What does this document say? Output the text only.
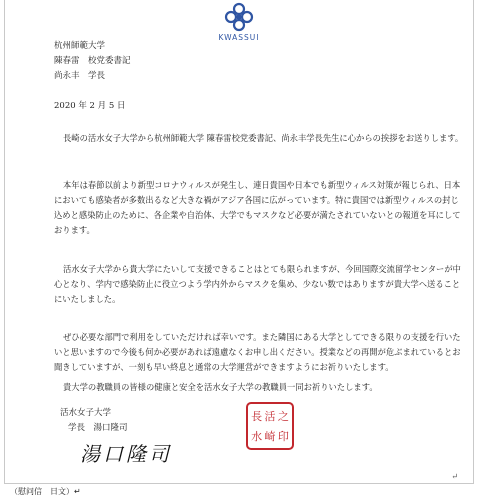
KWASSUI
杭州師範大学
陳春雷　校党委書記
尚永丰　学長
2020 年 2 月 5 日

長崎の活水女子大学から杭州師範大学 陳春雷校党委書記、尚永丰学長先生に心からの挨拶をお送りします。

本年は春節以前より新型コロナウィルスが発生し、連日貴国や日本でも新型ウィルス対策が報じられ、日本においても感染者が多数出るなど大きな禍がアジア各国に広がっています。特に貴国では新型ウィルスの封じ込めと感染防止のために、各企業や自治体、大学でもマスクなど必要が満たされていないとの報道を耳にしております。

活水女子大学から貴大学にたいして支援できることはとても限られますが、今回国際交流留学センターが中心となり、学内で感染防止に役立つよう学内外からマスクを集め、少ない数ではありますが貴大学へ送ることにいたしました。

ぜひ必要な部門で利用をしていただければ幸いです。また隣国にある大学としてできる限りの支援を行いたいと思いますので今後も何か必要があれば遠慮なくお申し出ください。授業などの再開が危ぶまれているとお聞きしていますが、一刻も早い終息と通常の大学運営ができますようにお祈りいたします。

貴大学の教職員の皆様の健康と安全を活水女子大学の教職員一同お祈りいたします。

活水女子大学
学長　湯口隆司
湯口隆司
長 活 之
水 崎 印
↵
（慰问信　日文）↵
